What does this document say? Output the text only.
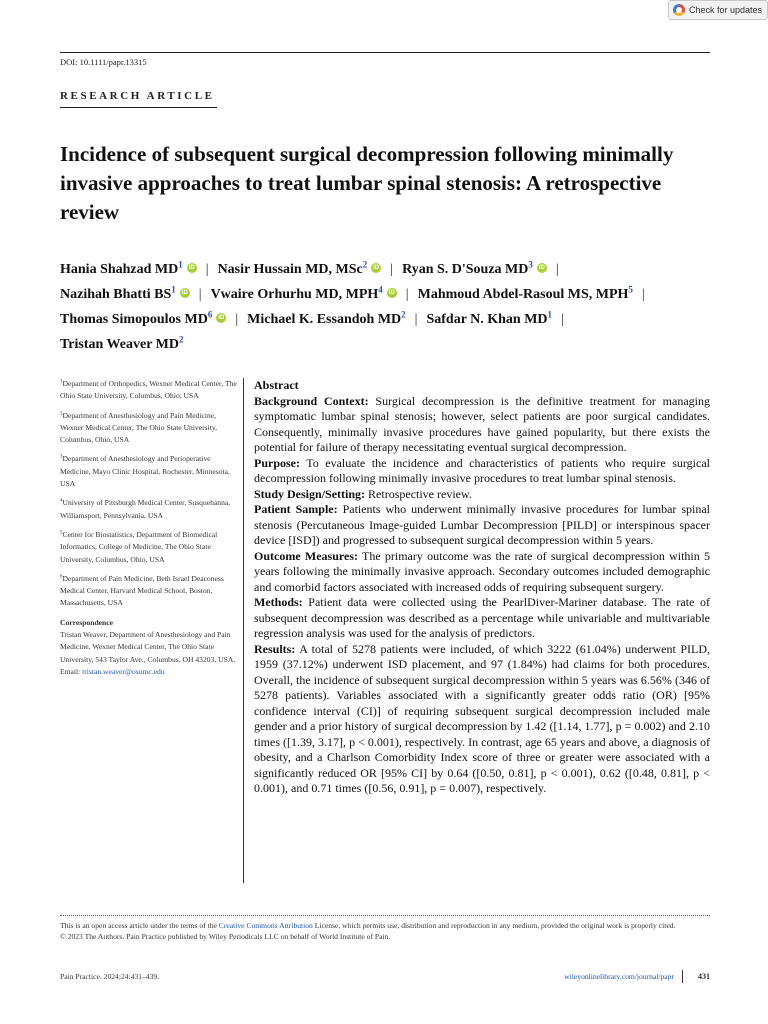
Check for updates
DOI: 10.1111/papr.13315
RESEARCH ARTICLE
Incidence of subsequent surgical decompression following minimally invasive approaches to treat lumbar spinal stenosis: A retrospective review
Hania Shahzad $MD^1$ iD | Nasir Hussain MD, MSc$^2$ iD | Ryan S. D'Souza $MD^3$ iD |
Nazihah Bhatti $BS^1$ iD | Vwaire Orhurhu MD, MPH$^4$ iD | Mahmoud Abdel-Rasoul MS, MPH$^5$ |
Thomas Simopoulos $MD^6$ iD | Michael K. Essandoh $MD^2$ | Safdar N. Khan $MD^1$ |
Tristan Weaver $MD^2$
$^1$Department of Orthopedics, Wexner Medical Center, The Ohio State University, Columbus, Ohio, USA
$^2$Department of Anesthesiology and Pain Medicine, Wexner Medical Center, The Ohio State University, Columbus, Ohio, USA
$^3$Department of Anesthesiology and Perioperative Medicine, Mayo Clinic Hospital, Rochester, Minnesota, USA
$^4$University of Pittsburgh Medical Center, Susquehanna, Williamsport, Pennsylvania, USA
$^5$Center for Biostatistics, Department of Biomedical Informatics, College of Medicine, The Ohio State University, Columbus, Ohio, USA
$^6$Department of Pain Medicine, Beth Israel Deaconess Medical Center, Harvard Medical School, Boston, Massachusetts, USA
Correspondence
Tristan Weaver, Department of Anesthesiology and Pain Medicine, Wexner Medical Center, The Ohio State University, 543 Taylor Ave., Columbus, OH 43203, USA.
Email: tristan.weaver@osumc.edu

Abstract

Background Context: Surgical decompression is the definitive treatment for managing symptomatic lumbar spinal stenosis; however, select patients are poor surgical candidates. Consequently, minimally invasive procedures have gained popularity, but there exists the potential for failure of therapy necessitating eventual surgical decompression.

Purpose: To evaluate the incidence and characteristics of patients who require surgical decompression following minimally invasive procedures to treat lumbar spinal stenosis.

Study Design/Setting: Retrospective review.

Patient Sample: Patients who underwent minimally invasive procedures for lumbar spinal stenosis (Percutaneous Image-guided Lumbar Decompression [PILD] or interspinous spacer device [ISD]) and progressed to subsequent surgical decompression within 5 years.

Outcome Measures: The primary outcome was the rate of surgical decompression within 5 years following the minimally invasive approach. Secondary outcomes included demographic and comorbid factors associated with increased odds of requiring subsequent surgery.

Methods: Patient data were collected using the PearlDiver-Mariner database. The rate of subsequent decompression was described as a percentage while univariable and multivariable regression analysis was used for the analysis of predictors.

Results: A total of 5278 patients were included, of which 3222 (61.04%) underwent PILD, 1959 (37.12%) underwent ISD placement, and 97 (1.84%) had claims for both procedures. Overall, the incidence of subsequent surgical decompression within 5 years was 6.56% (346 of 5278 patients). Variables associated with a significantly greater odds ratio (OR) [95% confidence interval (CI)] of requiring subsequent surgical decompression included male gender and a prior history of surgical decompression by 1.42 ([1.14, 1.77], p = 0.002) and 2.10 times ([1.39, 3.17], p < 0.001), respectively. In contrast, age 65 years and above, a diagnosis of obesity, and a Charlson Comorbidity Index score of three or greater were associated with a significantly reduced OR [95% CI] by 0.64 ([0.50, 0.81], p < 0.001), 0.62 ([0.48, 0.81], p < 0.001), and 0.71 times ([0.56, 0.91], p = 0.007), respectively.

This is an open access article under the terms of the Creative Commons Attribution License, which permits use, distribution and reproduction in any medium, provided the original work is properly cited.
© 2023 The Authors. Pain Practice published by Wiley Periodicals LLC on behalf of World Institute of Pain.
Pain Practice. 2024;24:431–439.	wileyonlinelibrary.com/journal/papr	431
